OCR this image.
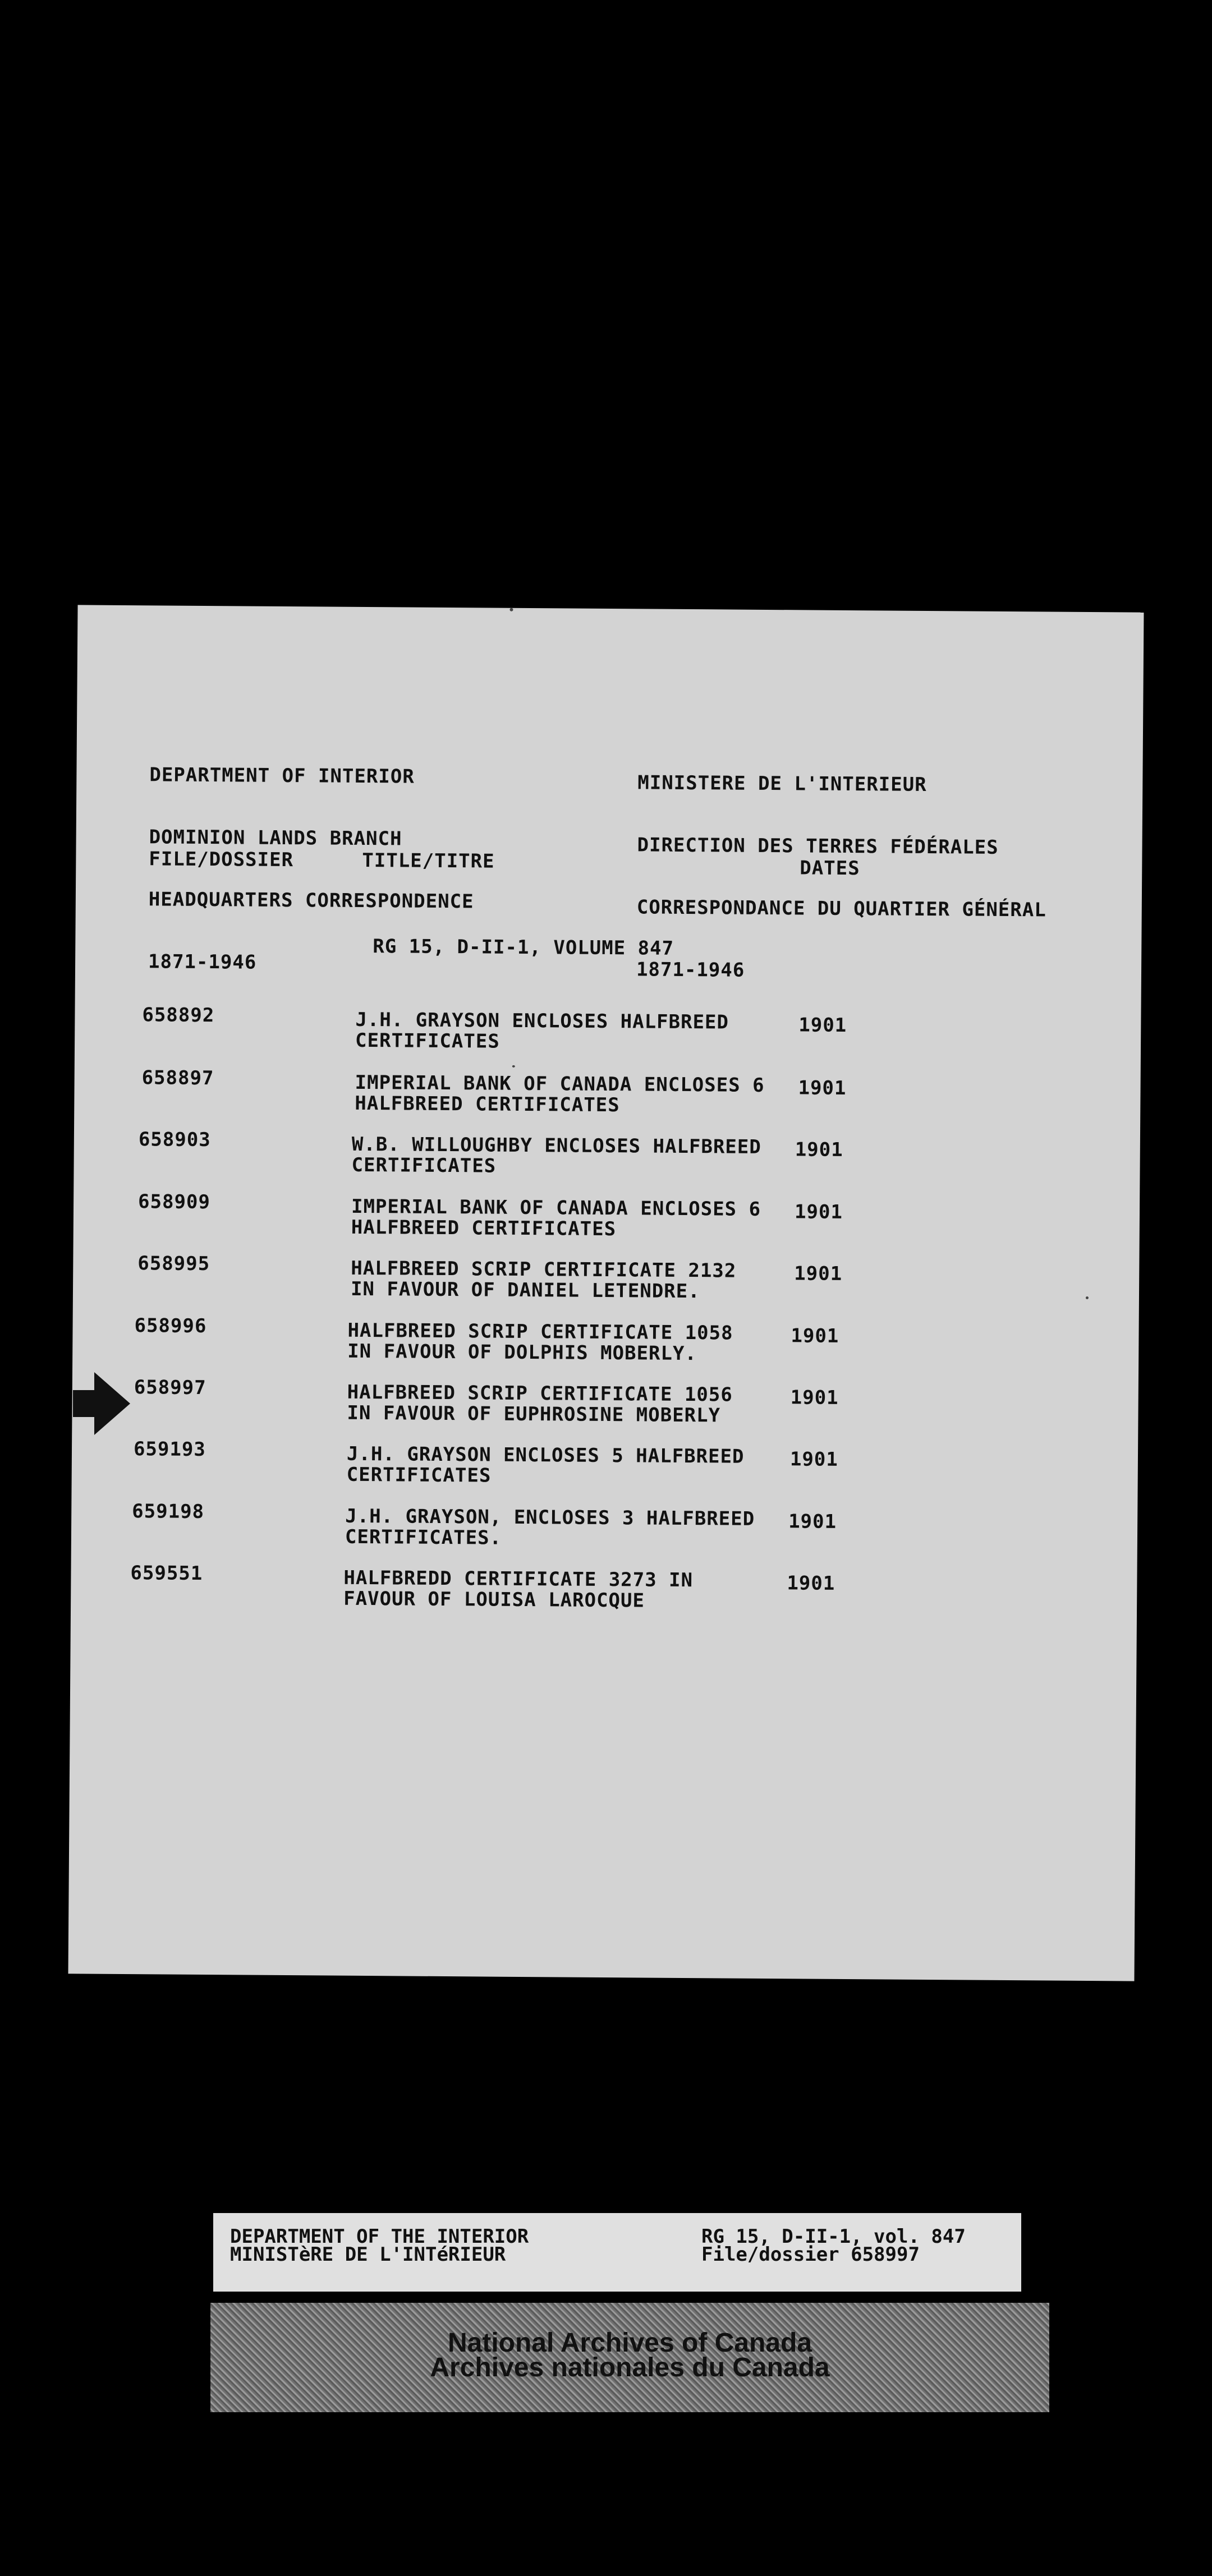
DEPARTMENT OF INTERIOR

DOMINION LANDS BRANCH

HEADQUARTERS CORRESPONDENCE

1871-1946

MINISTERE DE L'INTERIEUR

DIRECTION DES TERRES FÉDÉRALES

CORRESPONDANCE DU QUARTIER GÉNÉRAL

1871-1946

FILE/DOSSIER	TITLE/TITRE	DATES
RG 15, D-II-1, VOLUME 847
658892	J.H. GRAYSON ENCLOSES HALFBREED
CERTIFICATES
1901
658897	IMPERIAL BANK OF CANADA ENCLOSES 6
HALFBREED CERTIFICATES
1901
658903	W.B. WILLOUGHBY ENCLOSES HALFBREED
CERTIFICATES
1901
658909	IMPERIAL BANK OF CANADA ENCLOSES 6
HALFBREED CERTIFICATES
1901
658995	HALFBREED SCRIP CERTIFICATE 2132
IN FAVOUR OF DANIEL LETENDRE.
1901
658996	HALFBREED SCRIP CERTIFICATE 1058
IN FAVOUR OF DOLPHIS MOBERLY.
1901
658997	HALFBREED SCRIP CERTIFICATE 1056
IN FAVOUR OF EUPHROSINE MOBERLY
1901
659193	J.H. GRAYSON ENCLOSES 5 HALFBREED
CERTIFICATES
1901
659198	J.H. GRAYSON, ENCLOSES 3 HALFBREED
CERTIFICATES.
1901
659551	HALFBREDD CERTIFICATE 3273 IN
FAVOUR OF LOUISA LAROCQUE
1901
DEPARTMENT OF THE INTERIOR
MINISTèRE DE L'INTéRIEUR
RG 15, D-II-1, vol. 847
File/dossier 658997
National Archives of Canada
Archives nationales du Canada
